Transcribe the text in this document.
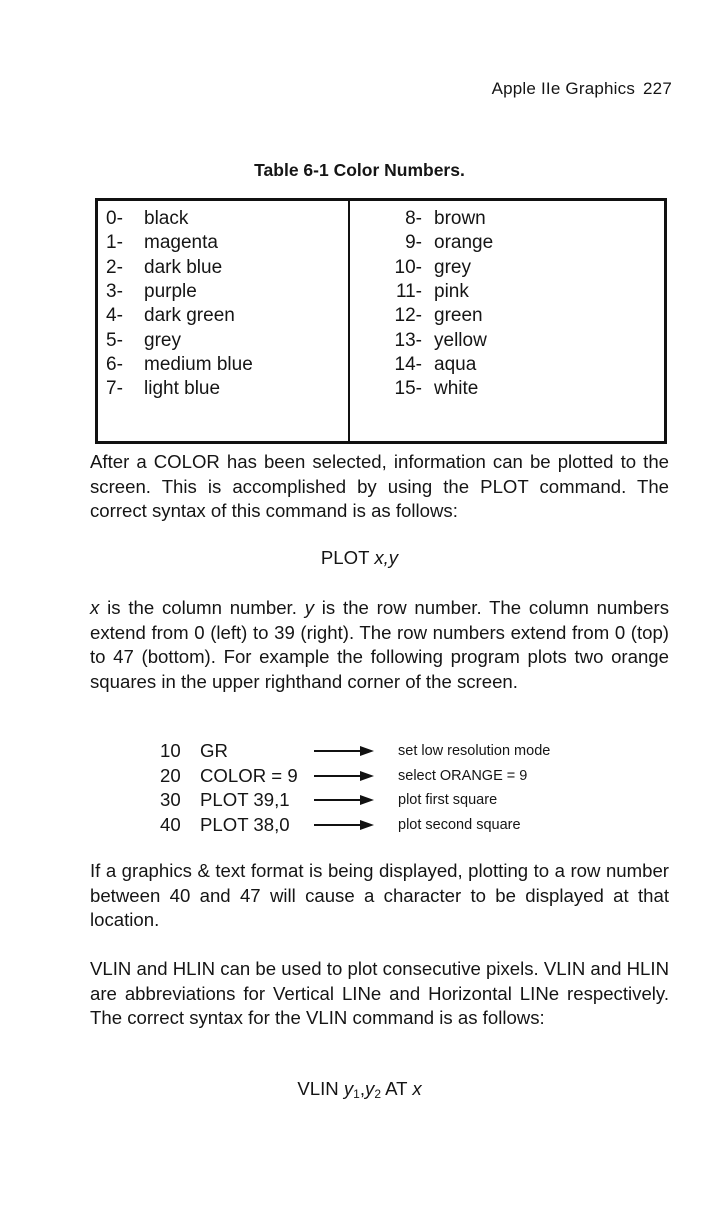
Apple IIe Graphics 227
Table 6-1 Color Numbers.
0-	black
1-	magenta
2-	dark blue
3-	purple
4-	dark green
5-	grey
6-	medium blue
7-	light blue
8- brown
9- orange
10- grey
11- pink
12- green
13- yellow
14- aqua
15- white

After a COLOR has been selected, information can be plotted to the screen. This is accomplished by using the PLOT command. The correct syntax of this command is as follows:

PLOT x,y

x is the column number. y is the row number. The column numbers extend from 0 (left) to 39 (right). The row numbers extend from 0 (top) to 47 (bottom). For example the following program plots two orange squares in the upper righthand corner of the screen.

10	GR	set low resolution mode
20	COLOR = 9	select ORANGE = 9
30	PLOT 39,1	plot first square
40	PLOT 38,0	plot second square

If a graphics & text format is being displayed, plotting to a row number between 40 and 47 will cause a character to be displayed at that location.

VLIN and HLIN can be used to plot consecutive pixels. VLIN and HLIN are abbreviations for Vertical LINe and Horizontal LINe respectively. The correct syntax for the VLIN command is as follows:

VLIN $y_1,y_2$ AT x
